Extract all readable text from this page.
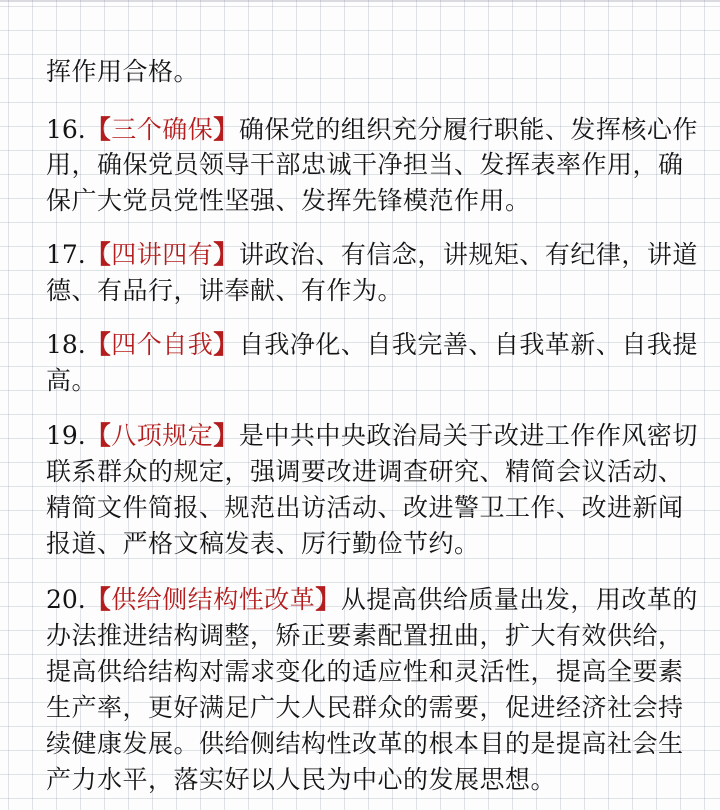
挥作用合格。
16.【三个确保】确保党的组织充分履行职能、发挥核心作
用，确保党员领导干部忠诚干净担当、发挥表率作用，确
保广大党员党性坚强、发挥先锋模范作用。
17.【四讲四有】讲政治、有信念，讲规矩、有纪律，讲道
德、有品行，讲奉献、有作为。
18.【四个自我】自我净化、自我完善、自我革新、自我提
高。
19.【八项规定】是中共中央政治局关于改进工作作风密切
联系群众的规定，强调要改进调查研究、精简会议活动、
精简文件简报、规范出访活动、改进警卫工作、改进新闻
报道、严格文稿发表、厉行勤俭节约。
20.【供给侧结构性改革】从提高供给质量出发，用改革的
办法推进结构调整，矫正要素配置扭曲，扩大有效供给，
提高供给结构对需求变化的适应性和灵活性，提高全要素
生产率，更好满足广大人民群众的需要，促进经济社会持
续健康发展。供给侧结构性改革的根本目的是提高社会生
产力水平，落实好以人民为中心的发展思想。
